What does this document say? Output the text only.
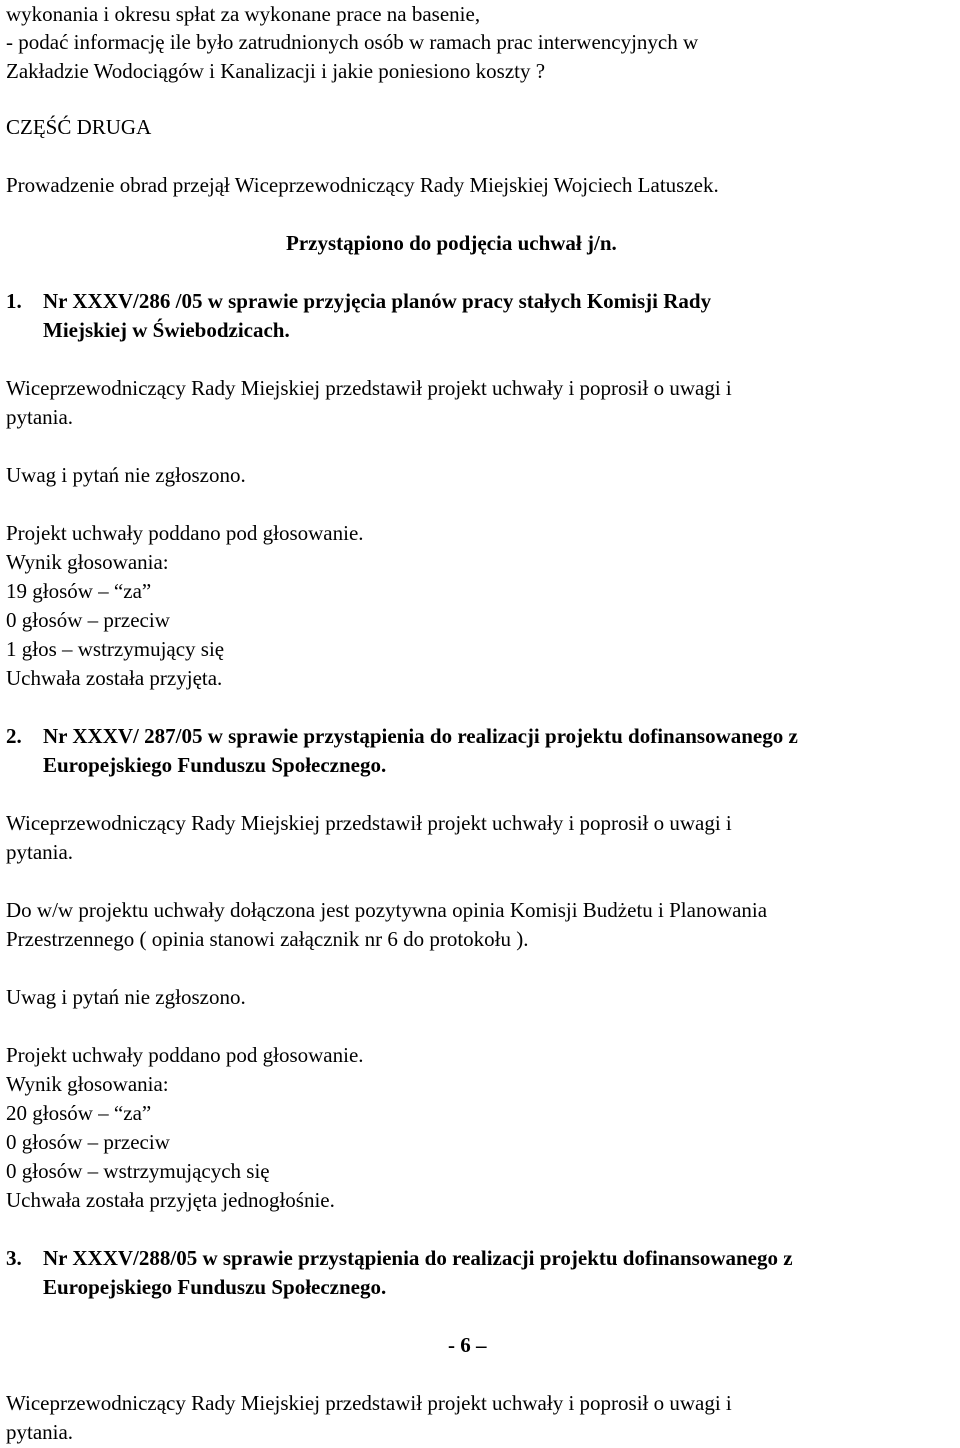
wykonania i okresu spłat za wykonane prace na basenie,
- podać informację ile było zatrudnionych osób w ramach prac interwencyjnych w
Zakładzie Wodociągów i Kanalizacji i jakie poniesiono koszty ?
CZĘŚĆ DRUGA
Prowadzenie obrad przejął Wiceprzewodniczący Rady Miejskiej Wojciech Latuszek.
Przystąpiono do podjęcia uchwał j/n.
1. Nr XXXV/286 /05 w sprawie przyjęcia planów pracy stałych Komisji Rady
Miejskiej w Świebodzicach.
Wiceprzewodniczący Rady Miejskiej przedstawił projekt uchwały i poprosił o uwagi i
pytania.
Uwag i pytań nie zgłoszono.
Projekt uchwały poddano pod głosowanie.
Wynik głosowania:
19 głosów – “za”
0 głosów – przeciw
1 głos – wstrzymujący się
Uchwała została przyjęta.
2. Nr XXXV/ 287/05 w sprawie przystąpienia do realizacji projektu dofinansowanego z
Europejskiego Funduszu Społecznego.
Wiceprzewodniczący Rady Miejskiej przedstawił projekt uchwały i poprosił o uwagi i
pytania.
Do w/w projektu uchwały dołączona jest pozytywna opinia Komisji Budżetu i Planowania
Przestrzennego ( opinia stanowi załącznik nr 6 do protokołu ).
Uwag i pytań nie zgłoszono.
Projekt uchwały poddano pod głosowanie.
Wynik głosowania:
20 głosów – “za”
0 głosów – przeciw
0 głosów – wstrzymujących się
Uchwała została przyjęta jednogłośnie.
3. Nr XXXV/288/05 w sprawie przystąpienia do realizacji projektu dofinansowanego z
Europejskiego Funduszu Społecznego.
- 6 –
Wiceprzewodniczący Rady Miejskiej przedstawił projekt uchwały i poprosił o uwagi i
pytania.
